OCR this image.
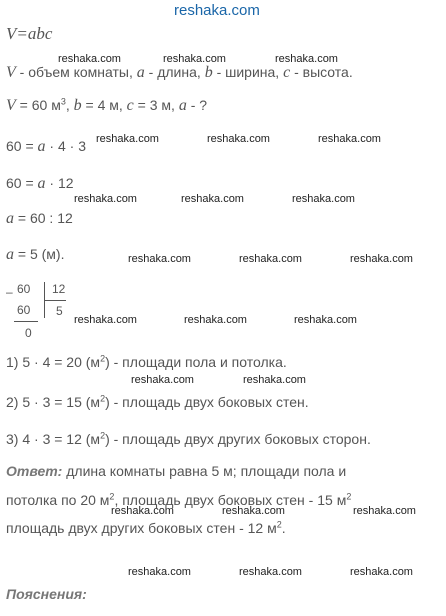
reshaka.com
V=abc
reshaka.com	reshaka.com	reshaka.com
V - объем комнаты, a - длина, b - ширина, c - высота.
V = 60 $м^3$, b = 4 м, c = 3 м, a - ?
reshaka.com	reshaka.com	reshaka.com
60 = a · 4 · 3
60 = a · 12
reshaka.com	reshaka.com	reshaka.com
a = 60 : 12
a = 5 (м).	reshaka.com	reshaka.com	reshaka.com
– 60
60
0
12
5
reshaka.com	reshaka.com	reshaka.com
1) 5 · 4 = 20 $(м^2)$ - площади пола и потолка.
reshaka.com	reshaka.com
2) 5 · 3 = 15 $(м^2)$ - площадь двух боковых стен.
3) 4 · 3 = 12 $(м^2)$ - площадь двух других боковых сторон.
Ответ: длина комнаты равна 5 м; площади пола и
потолка по 20 $м^2$, площадь двух боковых стен - 15 $м^2$
reshaka.com	reshaka.com	reshaka.com
площадь двух других боковых стен - 12 $м^2$.
reshaka.com	reshaka.com	reshaka.com
Пояснения:
